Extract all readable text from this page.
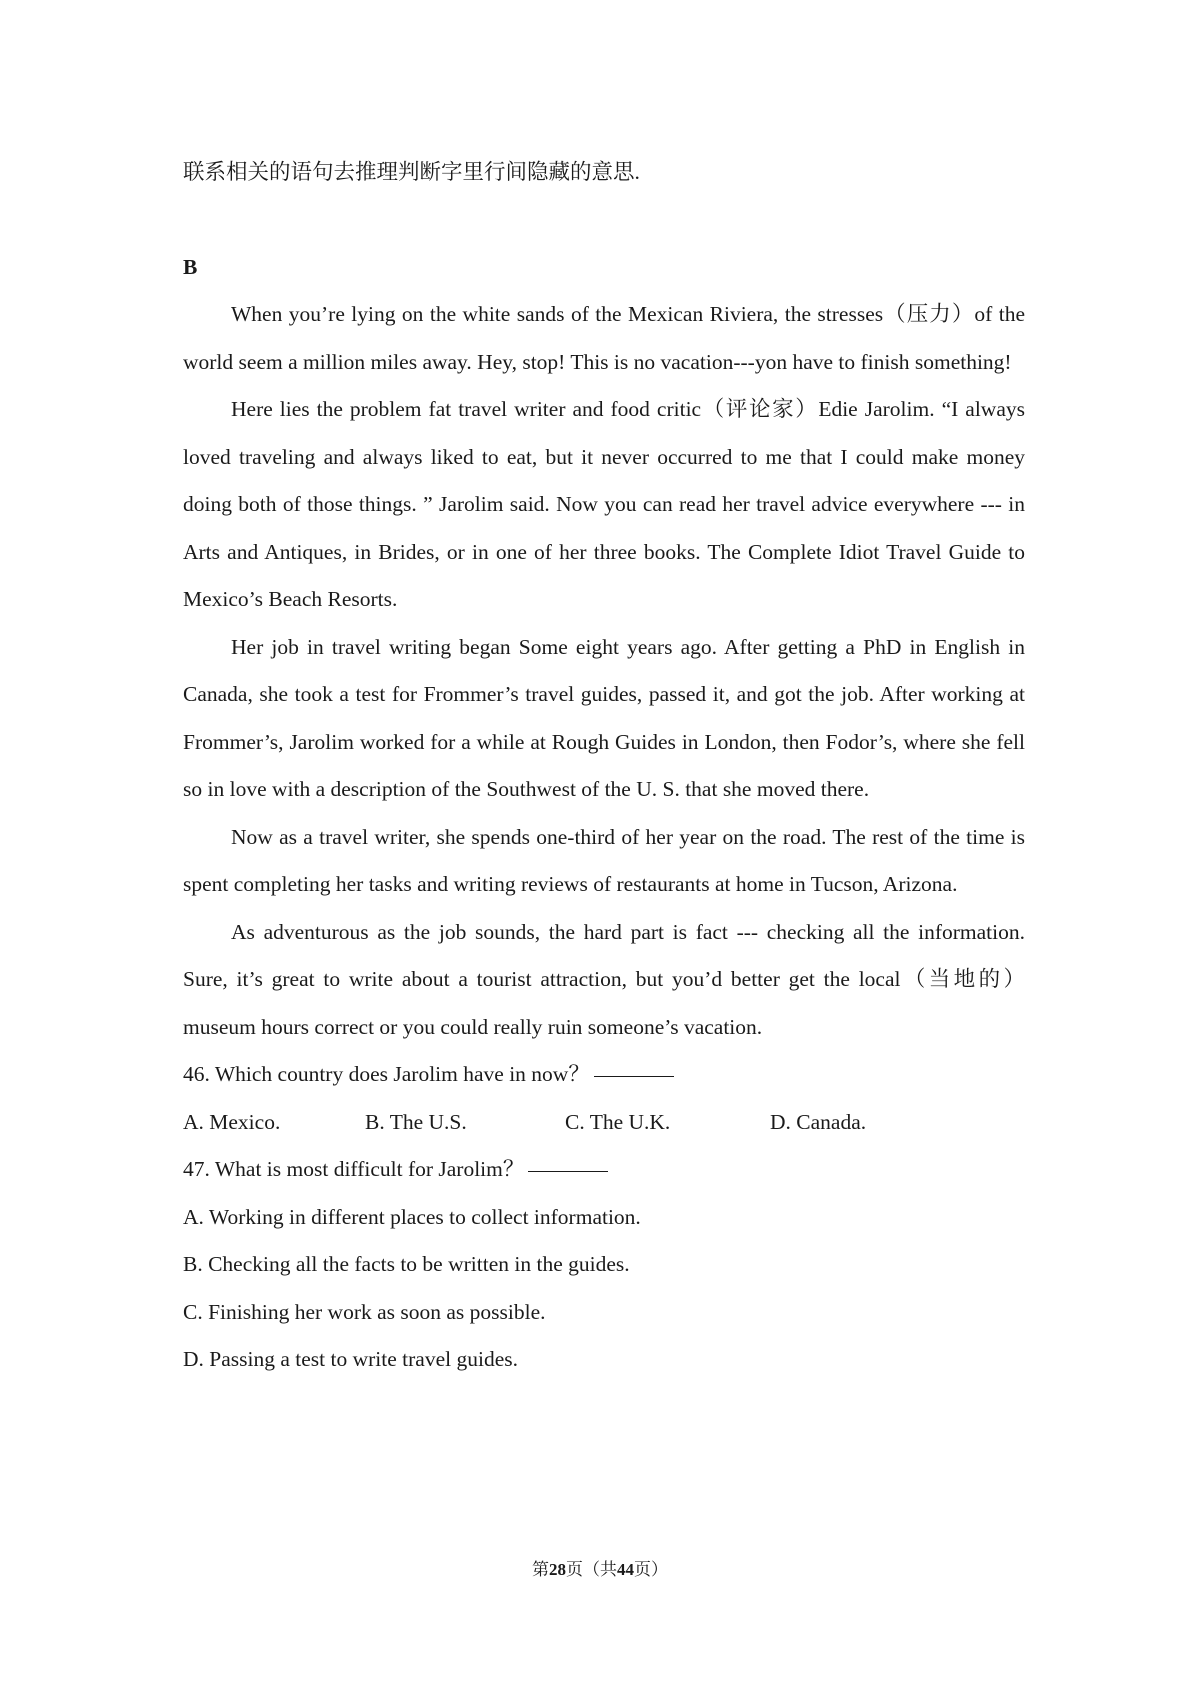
联系相关的语句去推理判断字里行间隐藏的意思.

B

When you’re lying on the white sands of the Mexican Riviera, the stresses（压力）of the world seem a million miles away. Hey, stop! This is no vacation---yon have to finish something!

Here lies the problem fat travel writer and food critic（评论家）Edie Jarolim. “I always loved traveling and always liked to eat, but it never occurred to me that I could make money doing both of those things. ” Jarolim said. Now you can read her travel advice everywhere --- in Arts and Antiques, in Brides, or in one of her three books. The Complete Idiot Travel Guide to Mexico’s Beach Resorts.

Her job in travel writing began Some eight years ago. After getting a PhD in English in Canada, she took a test for Frommer’s travel guides, passed it, and got the job. After working at Frommer’s, Jarolim worked for a while at Rough Guides in London, then Fodor’s, where she fell so in love with a description of the Southwest of the U. S. that she moved there.

Now as a travel writer, she spends one-third of her year on the road. The rest of the time is spent completing her tasks and writing reviews of restaurants at home in Tucson, Arizona.

As adventurous as the job sounds, the hard part is fact --- checking all the information. Sure, it’s great to write about a tourist attraction, but you’d better get the local（当地的）museum hours correct or you could really ruin someone’s vacation.

46. Which country does Jarolim have in now？

A. Mexico.	B. The U.S.	C. The U.K.	D. Canada.

47. What is most difficult for Jarolim？

A. Working in different places to collect information.

B. Checking all the facts to be written in the guides.

C. Finishing her work as soon as possible.

D. Passing a test to write travel guides.

第28页（共44页）
